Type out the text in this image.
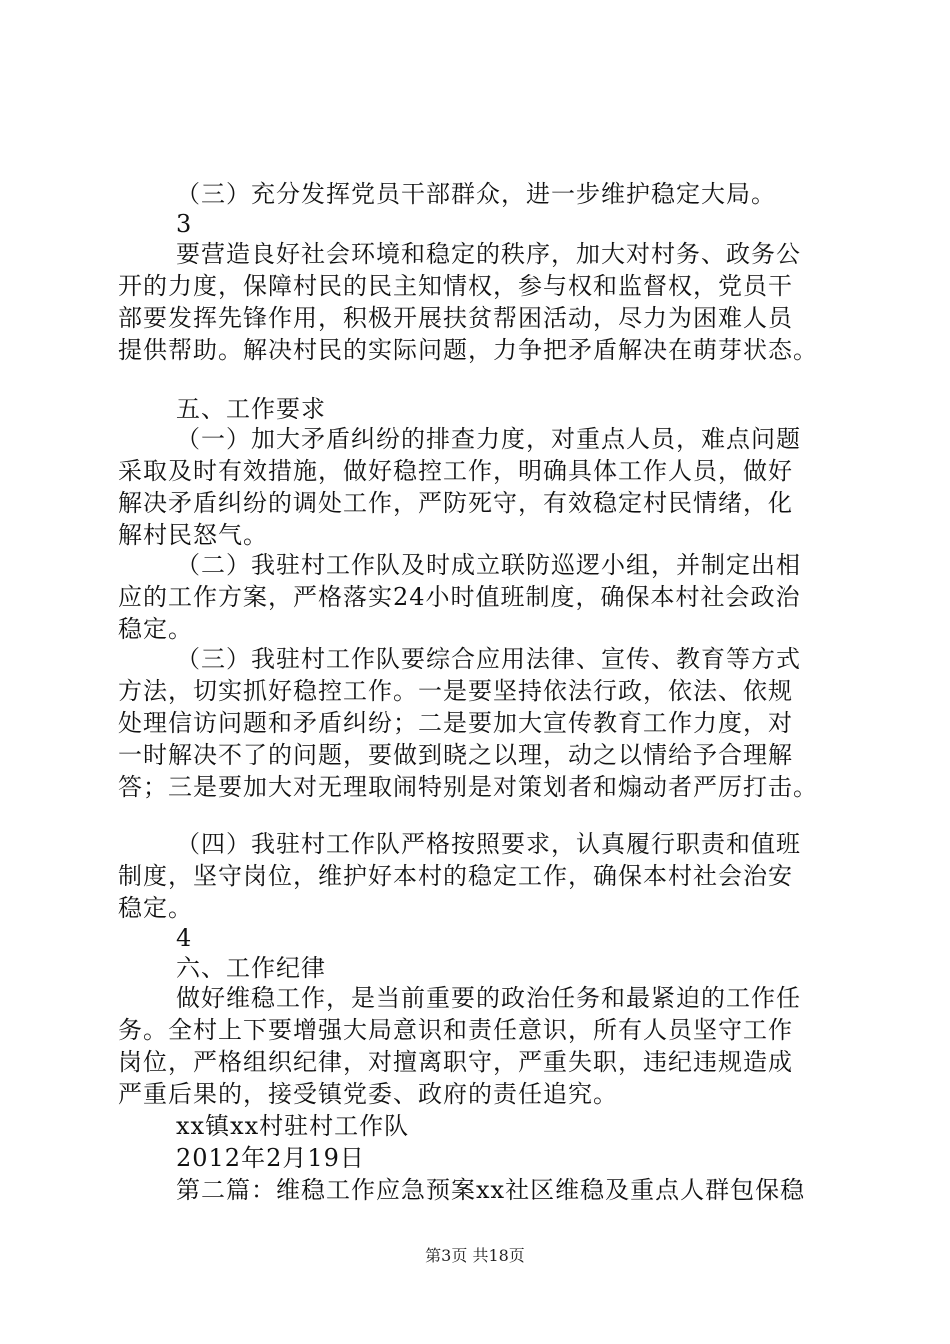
（三）充分发挥党员干部群众，进一步维护稳定大局。
3
要营造良好社会环境和稳定的秩序，加大对村务、政务公
开的力度，保障村民的民主知情权，参与权和监督权，党员干
部要发挥先锋作用，积极开展扶贫帮困活动，尽力为困难人员
提供帮助。解决村民的实际问题，力争把矛盾解决在萌芽状态。
五、工作要求
（一）加大矛盾纠纷的排查力度，对重点人员，难点问题
采取及时有效措施，做好稳控工作，明确具体工作人员，做好
解决矛盾纠纷的调处工作，严防死守，有效稳定村民情绪，化
解村民怒气。
（二）我驻村工作队及时成立联防巡逻小组，并制定出相
应的工作方案，严格落实24小时值班制度，确保本村社会政治
稳定。
（三）我驻村工作队要综合应用法律、宣传、教育等方式
方法，切实抓好稳控工作。一是要坚持依法行政，依法、依规
处理信访问题和矛盾纠纷；二是要加大宣传教育工作力度，对
一时解决不了的问题，要做到晓之以理，动之以情给予合理解
答；三是要加大对无理取闹特别是对策划者和煽动者严厉打击。
（四）我驻村工作队严格按照要求，认真履行职责和值班
制度，坚守岗位，维护好本村的稳定工作，确保本村社会治安
稳定。
4
六、工作纪律
做好维稳工作，是当前重要的政治任务和最紧迫的工作任
务。全村上下要增强大局意识和责任意识，所有人员坚守工作
岗位，严格组织纪律，对擅离职守，严重失职，违纪违规造成
严重后果的，接受镇党委、政府的责任追究。
xx镇xx村驻村工作队
2012年2月19日
第二篇：维稳工作应急预案xx社区维稳及重点人群包保稳
第3页 共18页
